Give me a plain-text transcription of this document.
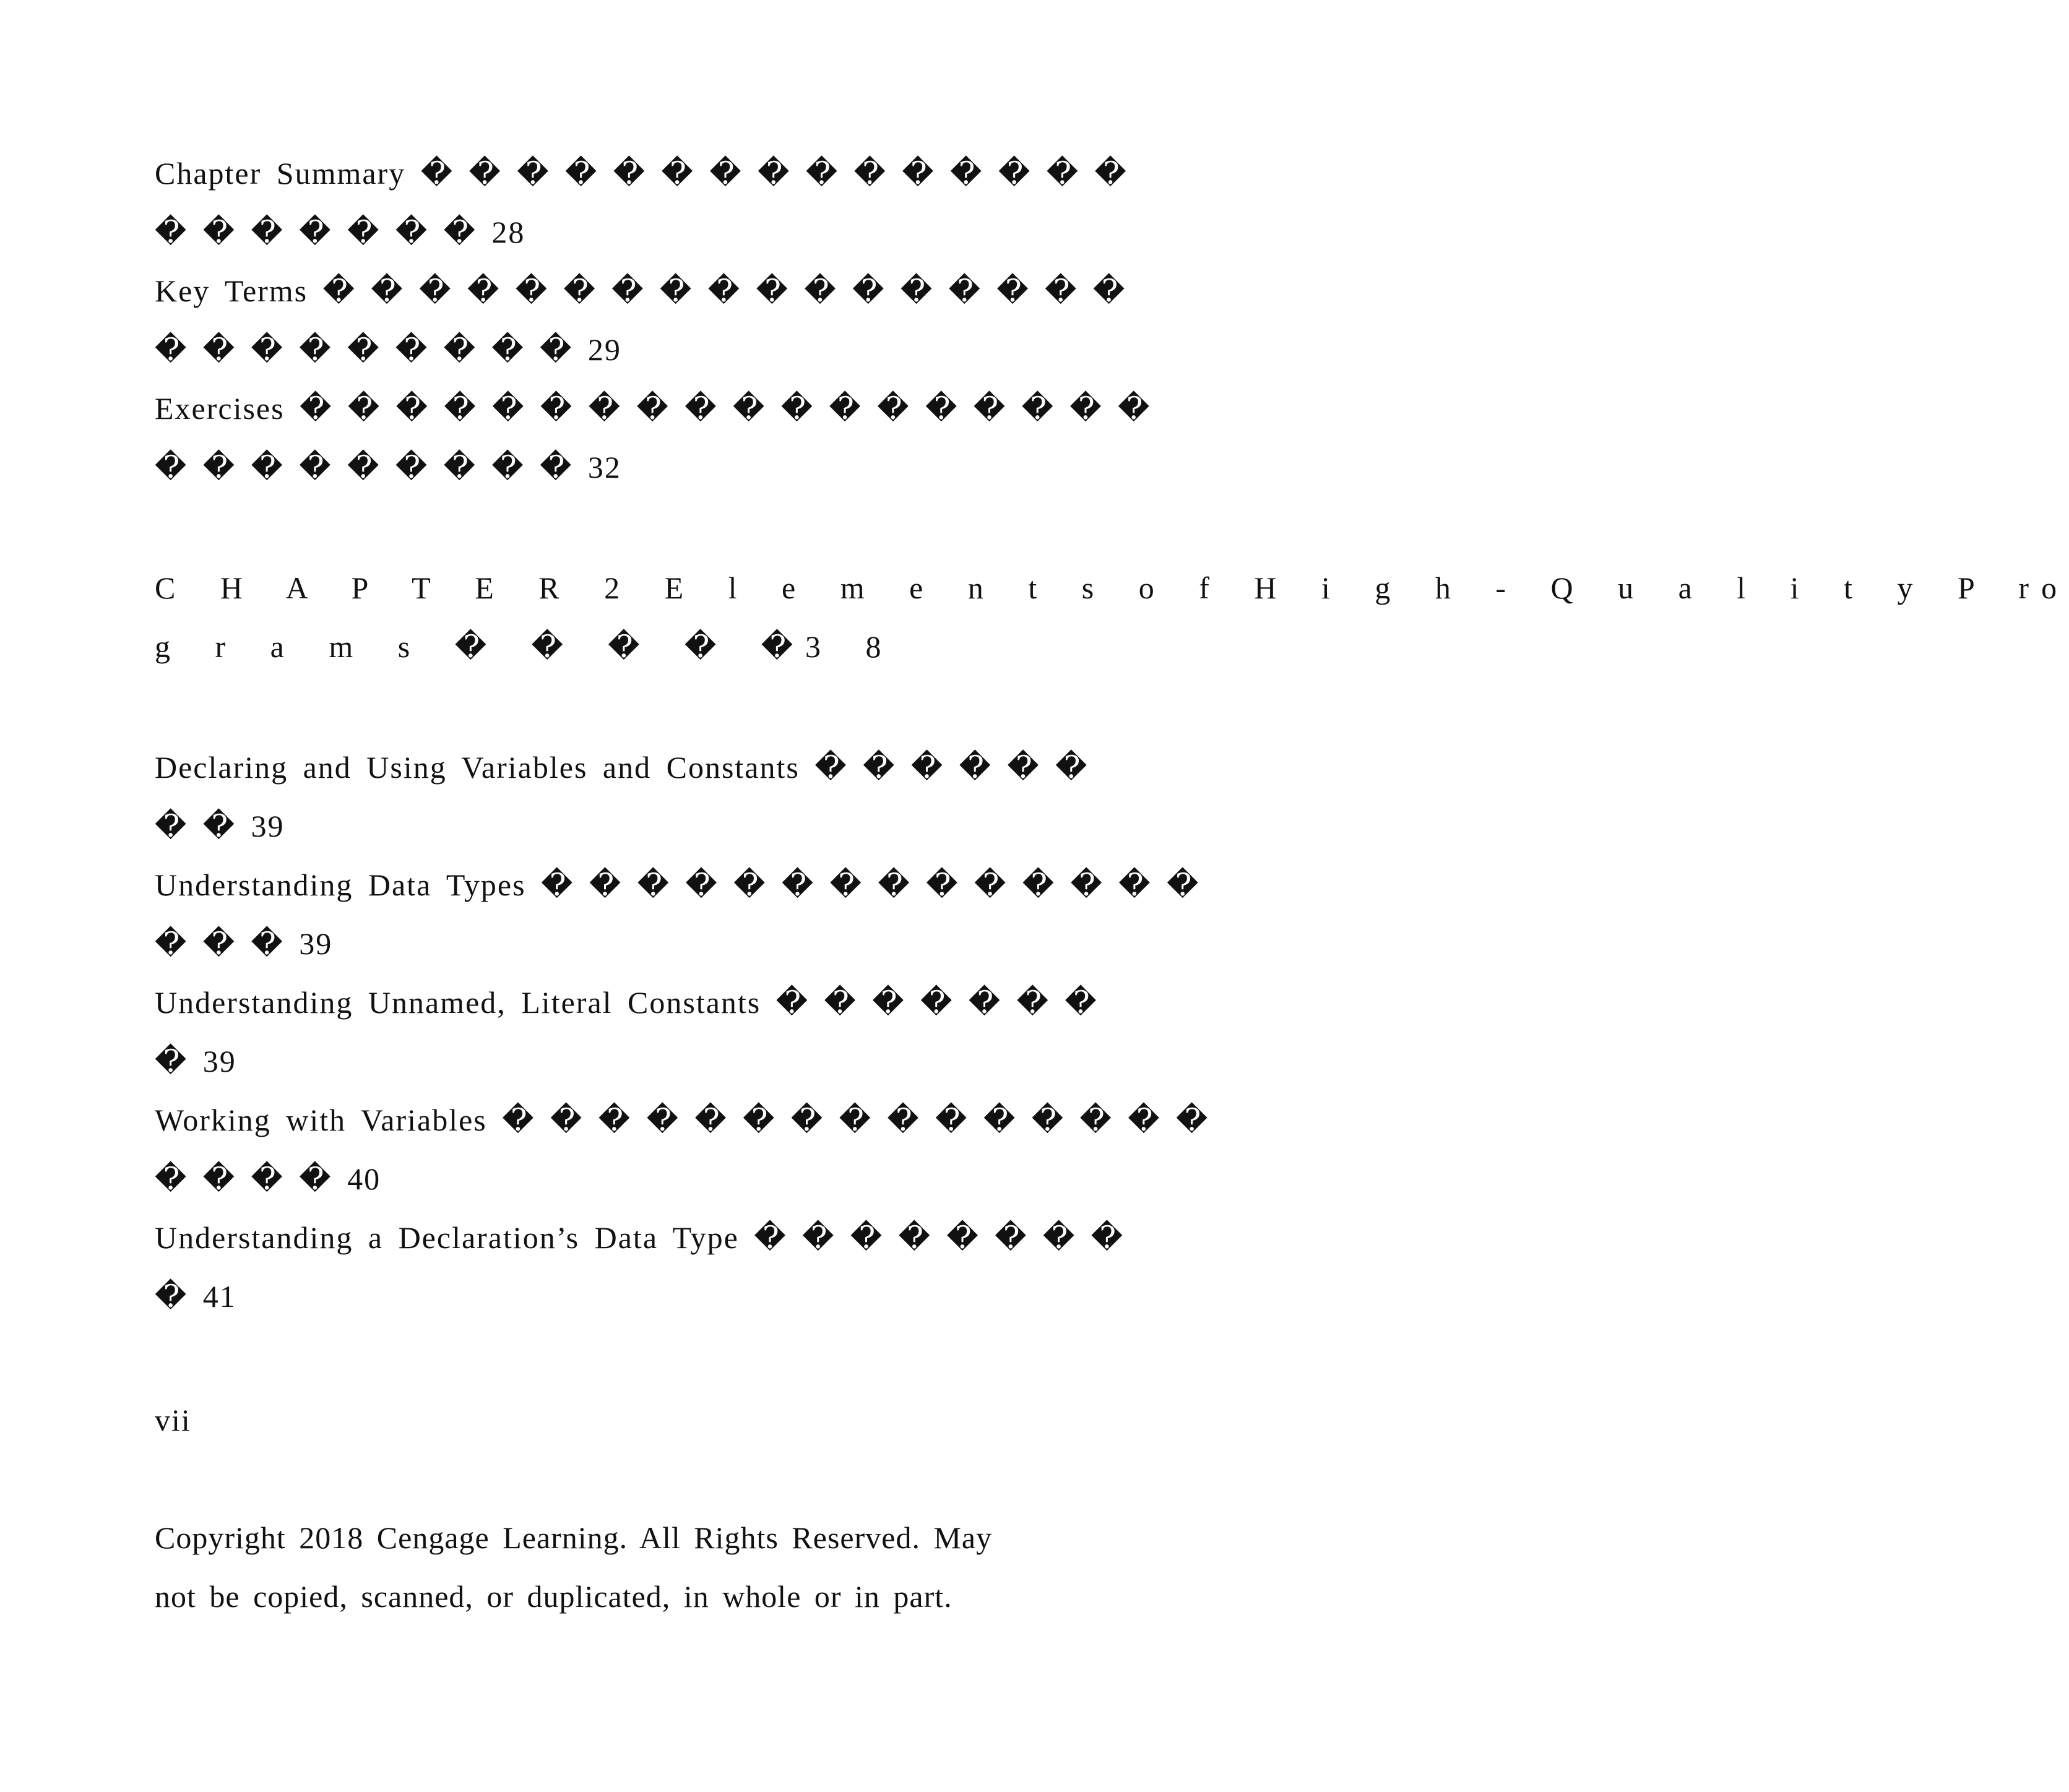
Chapter Summary � � � � � � � � � � � � � � �
� � � � � � � 28
Key Terms � � � � � � � � � � � � � � � � �
� � � � � � � � � 29
Exercises � � � � � � � � � � � � � � � � � �
� � � � � � � � � 32
C H A P T E R 2 E l e m e n t s o f H i g h - Q u a l i t y P ro
g r a m s � � � � �3 8
Declaring and Using Variables and Constants � � � � � �
� � 39
Understanding Data Types � � � � � � � � � � � � � �
� � � 39
Understanding Unnamed, Literal Constants � � � � � � �
� 39
Working with Variables � � � � � � � � � � � � � � �
� � � � 40
Understanding a Declaration’s Data Type � � � � � � � �
� 41
vii
Copyright 2018 Cengage Learning. All Rights Reserved. May
not be copied, scanned, or duplicated, in whole or in part.
